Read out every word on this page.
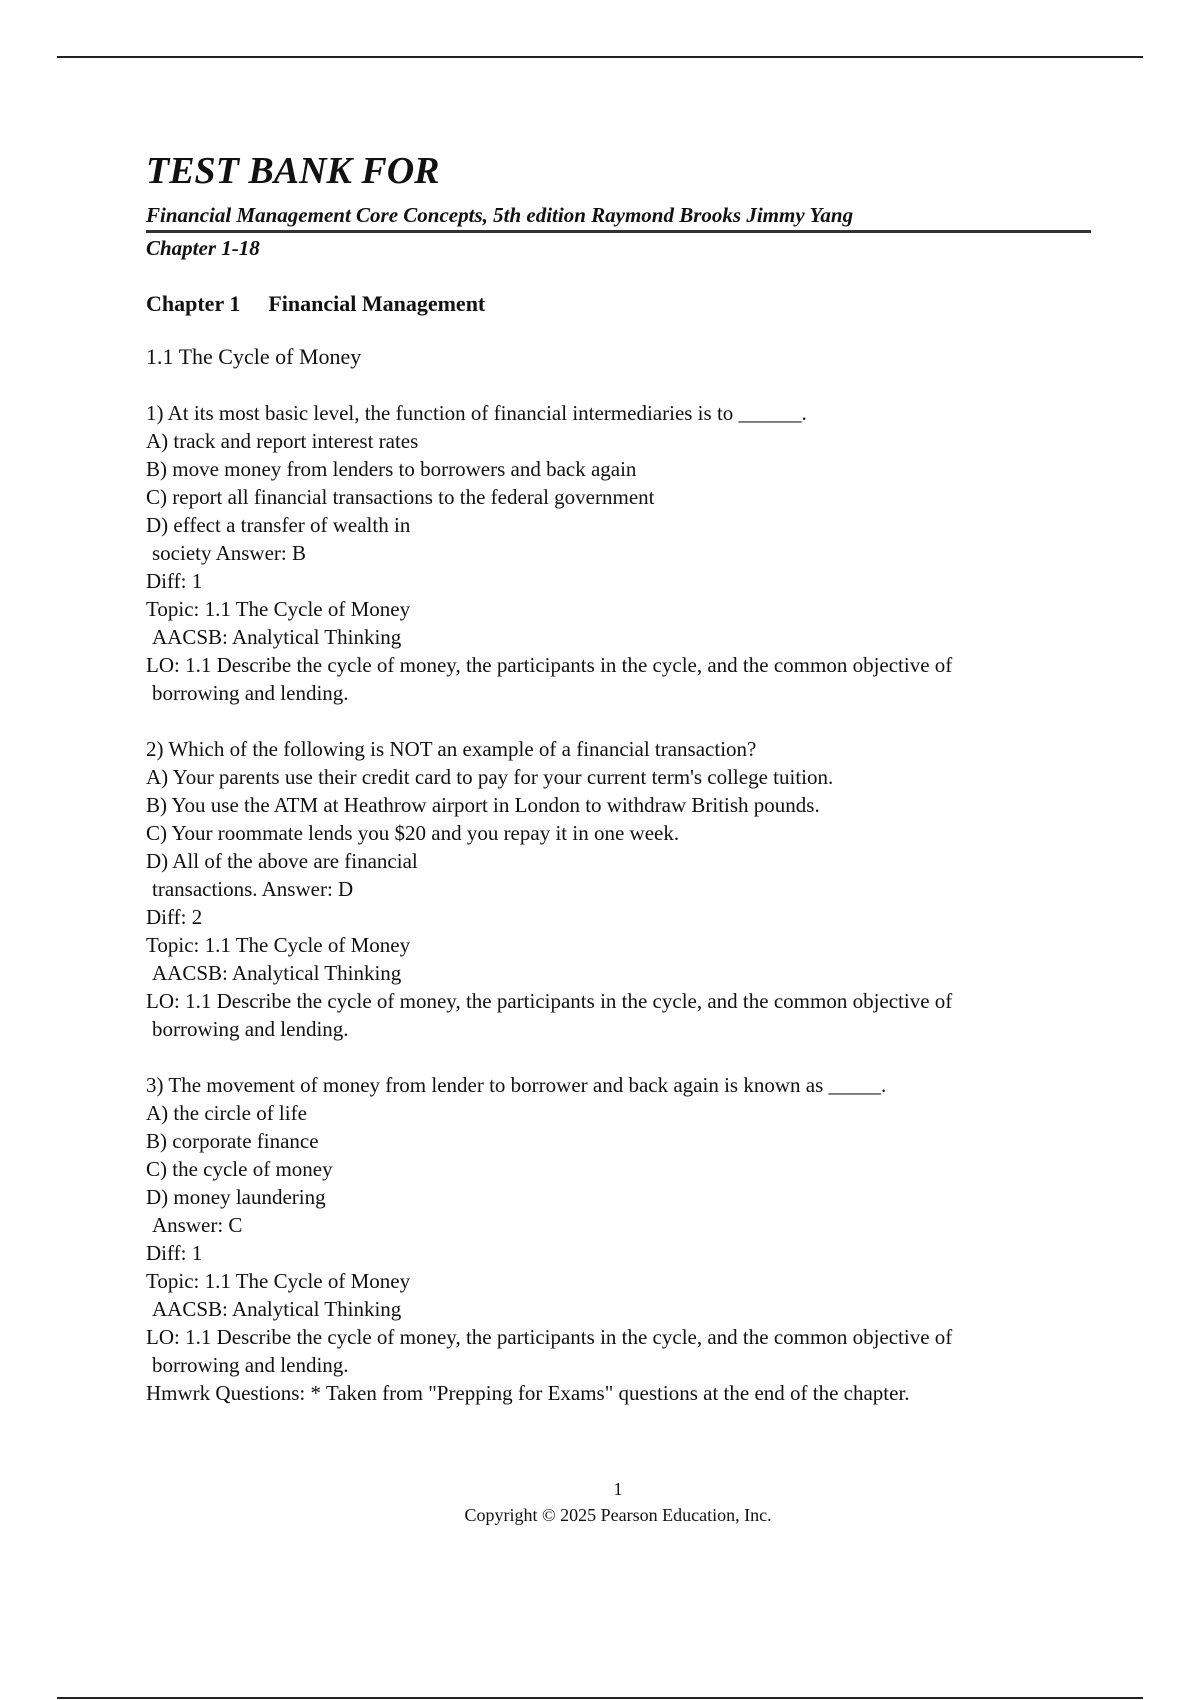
TEST BANK FOR
Financial Management Core Concepts, 5th edition Raymond Brooks Jimmy Yang
Chapter 1-18
Chapter 1 Financial Management
1.1 The Cycle of Money
1) At its most basic level, the function of financial intermediaries is to ______.
A) track and report interest rates
B) move money from lenders to borrowers and back again
C) report all financial transactions to the federal government
D) effect a transfer of wealth in
society Answer: B
Diff: 1
Topic: 1.1 The Cycle of Money
AACSB: Analytical Thinking
LO: 1.1 Describe the cycle of money, the participants in the cycle, and the common objective of
borrowing and lending.
2) Which of the following is NOT an example of a financial transaction?
A) Your parents use their credit card to pay for your current term's college tuition.
B) You use the ATM at Heathrow airport in London to withdraw British pounds.
C) Your roommate lends you $20 and you repay it in one week.
D) All of the above are financial
transactions. Answer: D
Diff: 2
Topic: 1.1 The Cycle of Money
AACSB: Analytical Thinking
LO: 1.1 Describe the cycle of money, the participants in the cycle, and the common objective of
borrowing and lending.
3) The movement of money from lender to borrower and back again is known as _____.
A) the circle of life
B) corporate finance
C) the cycle of money
D) money laundering
Answer: C
Diff: 1
Topic: 1.1 The Cycle of Money
AACSB: Analytical Thinking
LO: 1.1 Describe the cycle of money, the participants in the cycle, and the common objective of
borrowing and lending.
Hmwrk Questions: * Taken from "Prepping for Exams" questions at the end of the chapter.
1
Copyright © 2025 Pearson Education, Inc.
